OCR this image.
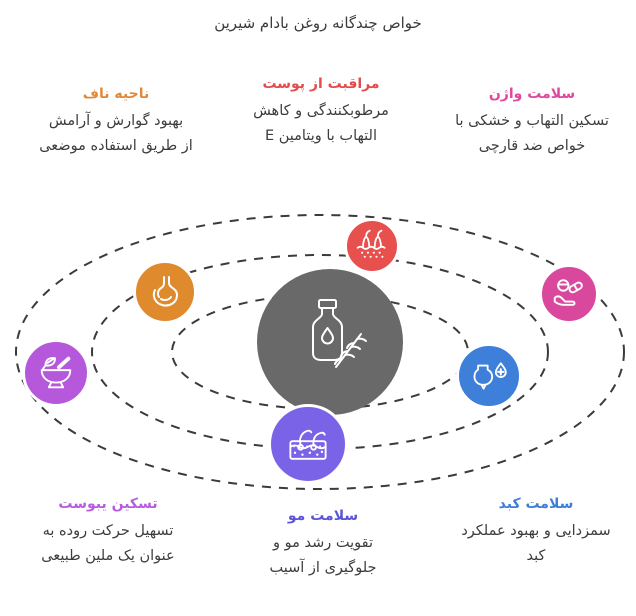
خواص چندگانه روغن بادام شیرین
ناحیه ناف
بهبود گوارش و آرامش
از طریق استفاده موضعی
مراقبت از پوست
مرطوبکنندگی و کاهش
التهاب با ویتامین E
سلامت واژن
تسکین التهاب و خشکی با
خواص ضد قارچی
تسکین یبوست
تسهیل حرکت روده به
عنوان یک ملین طبیعی
سلامت مو
تقویت رشد مو و
جلوگیری از آسیب
سلامت کبد
سمزدایی و بهبود عملکرد
کبد
